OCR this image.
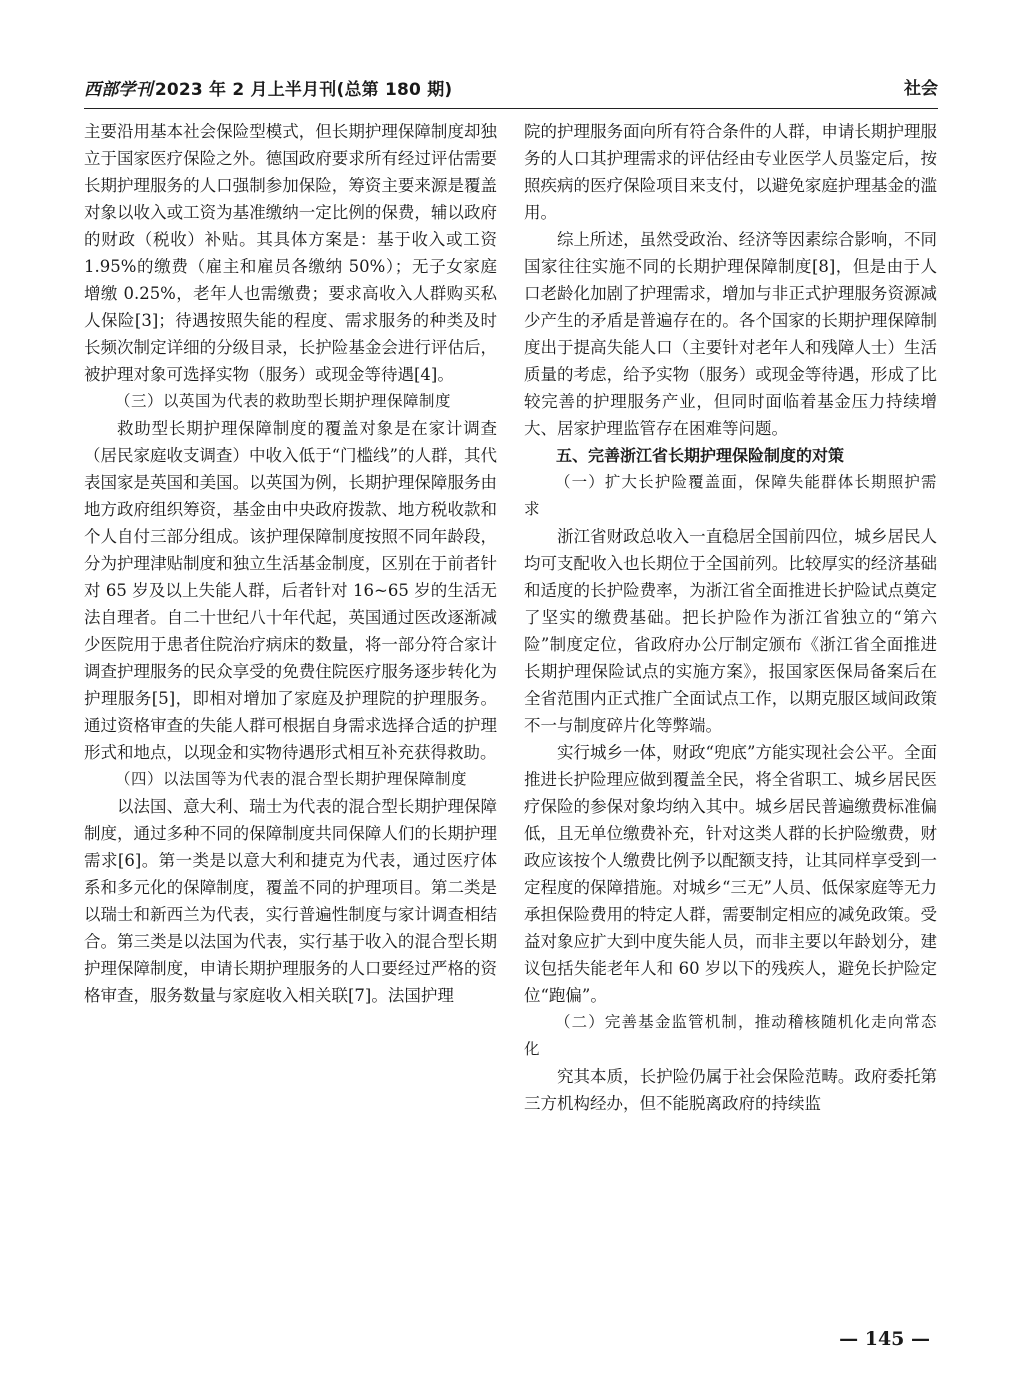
西部学刊 2023 年 2 月上半月刊(总第 180 期)	社会

主要沿用基本社会保险型模式，但长期护理保障制度却独立于国家医疗保险之外。德国政府要求所有经过评估需要长期护理服务的人口强制参加保险，筹资主要来源是覆盖对象以收入或工资为基准缴纳一定比例的保费，辅以政府的财政（税收）补贴。其具体方案是：基于收入或工资 1.95%的缴费（雇主和雇员各缴纳 50%）；无子女家庭增缴 0.25%，老年人也需缴费；要求高收入人群购买私人保险[3]；待遇按照失能的程度、需求服务的种类及时长频次制定详细的分级目录，长护险基金会进行评估后，被护理对象可选择实物（服务）或现金等待遇[4]。

（三）以英国为代表的救助型长期护理保障制度

救助型长期护理保障制度的覆盖对象是在家计调查（居民家庭收支调查）中收入低于“门槛线”的人群，其代表国家是英国和美国。以英国为例，长期护理保障服务由地方政府组织筹资，基金由中央政府拨款、地方税收款和个人自付三部分组成。该护理保障制度按照不同年龄段，分为护理津贴制度和独立生活基金制度，区别在于前者针对 65 岁及以上失能人群，后者针对 16~65 岁的生活无法自理者。自二十世纪八十年代起，英国通过医改逐渐减少医院用于患者住院治疗病床的数量，将一部分符合家计调查护理服务的民众享受的免费住院医疗服务逐步转化为护理服务[5]，即相对增加了家庭及护理院的护理服务。通过资格审查的失能人群可根据自身需求选择合适的护理形式和地点，以现金和实物待遇形式相互补充获得救助。

（四）以法国等为代表的混合型长期护理保障制度

以法国、意大利、瑞士为代表的混合型长期护理保障制度，通过多种不同的保障制度共同保障人们的长期护理需求[6]。第一类是以意大利和捷克为代表，通过医疗体系和多元化的保障制度，覆盖不同的护理项目。第二类是以瑞士和新西兰为代表，实行普遍性制度与家计调查相结合。第三类是以法国为代表，实行基于收入的混合型长期护理保障制度，申请长期护理服务的人口要经过严格的资格审查，服务数量与家庭收入相关联[7]。法国护理

院的护理服务面向所有符合条件的人群，申请长期护理服务的人口其护理需求的评估经由专业医学人员鉴定后，按照疾病的医疗保险项目来支付，以避免家庭护理基金的滥用。

综上所述，虽然受政治、经济等因素综合影响，不同国家往往实施不同的长期护理保障制度[8]，但是由于人口老龄化加剧了护理需求，增加与非正式护理服务资源减少产生的矛盾是普遍存在的。各个国家的长期护理保障制度出于提高失能人口（主要针对老年人和残障人士）生活质量的考虑，给予实物（服务）或现金等待遇，形成了比较完善的护理服务产业，但同时面临着基金压力持续增大、居家护理监管存在困难等问题。

五、完善浙江省长期护理保险制度的对策

（一）扩大长护险覆盖面，保障失能群体长期照护需求

浙江省财政总收入一直稳居全国前四位，城乡居民人均可支配收入也长期位于全国前列。比较厚实的经济基础和适度的长护险费率，为浙江省全面推进长护险试点奠定了坚实的缴费基础。把长护险作为浙江省独立的“第六险”制度定位，省政府办公厅制定颁布《浙江省全面推进长期护理保险试点的实施方案》，报国家医保局备案后在全省范围内正式推广全面试点工作，以期克服区域间政策不一与制度碎片化等弊端。

实行城乡一体，财政“兜底”方能实现社会公平。全面推进长护险理应做到覆盖全民，将全省职工、城乡居民医疗保险的参保对象均纳入其中。城乡居民普遍缴费标准偏低，且无单位缴费补充，针对这类人群的长护险缴费，财政应该按个人缴费比例予以配额支持，让其同样享受到一定程度的保障措施。对城乡“三无”人员、低保家庭等无力承担保险费用的特定人群，需要制定相应的减免政策。受益对象应扩大到中度失能人员，而非主要以年龄划分，建议包括失能老年人和 60 岁以下的残疾人，避免长护险定位“跑偏”。

（二）完善基金监管机制，推动稽核随机化走向常态化

究其本质，长护险仍属于社会保险范畴。政府委托第三方机构经办，但不能脱离政府的持续监

— 145 —
